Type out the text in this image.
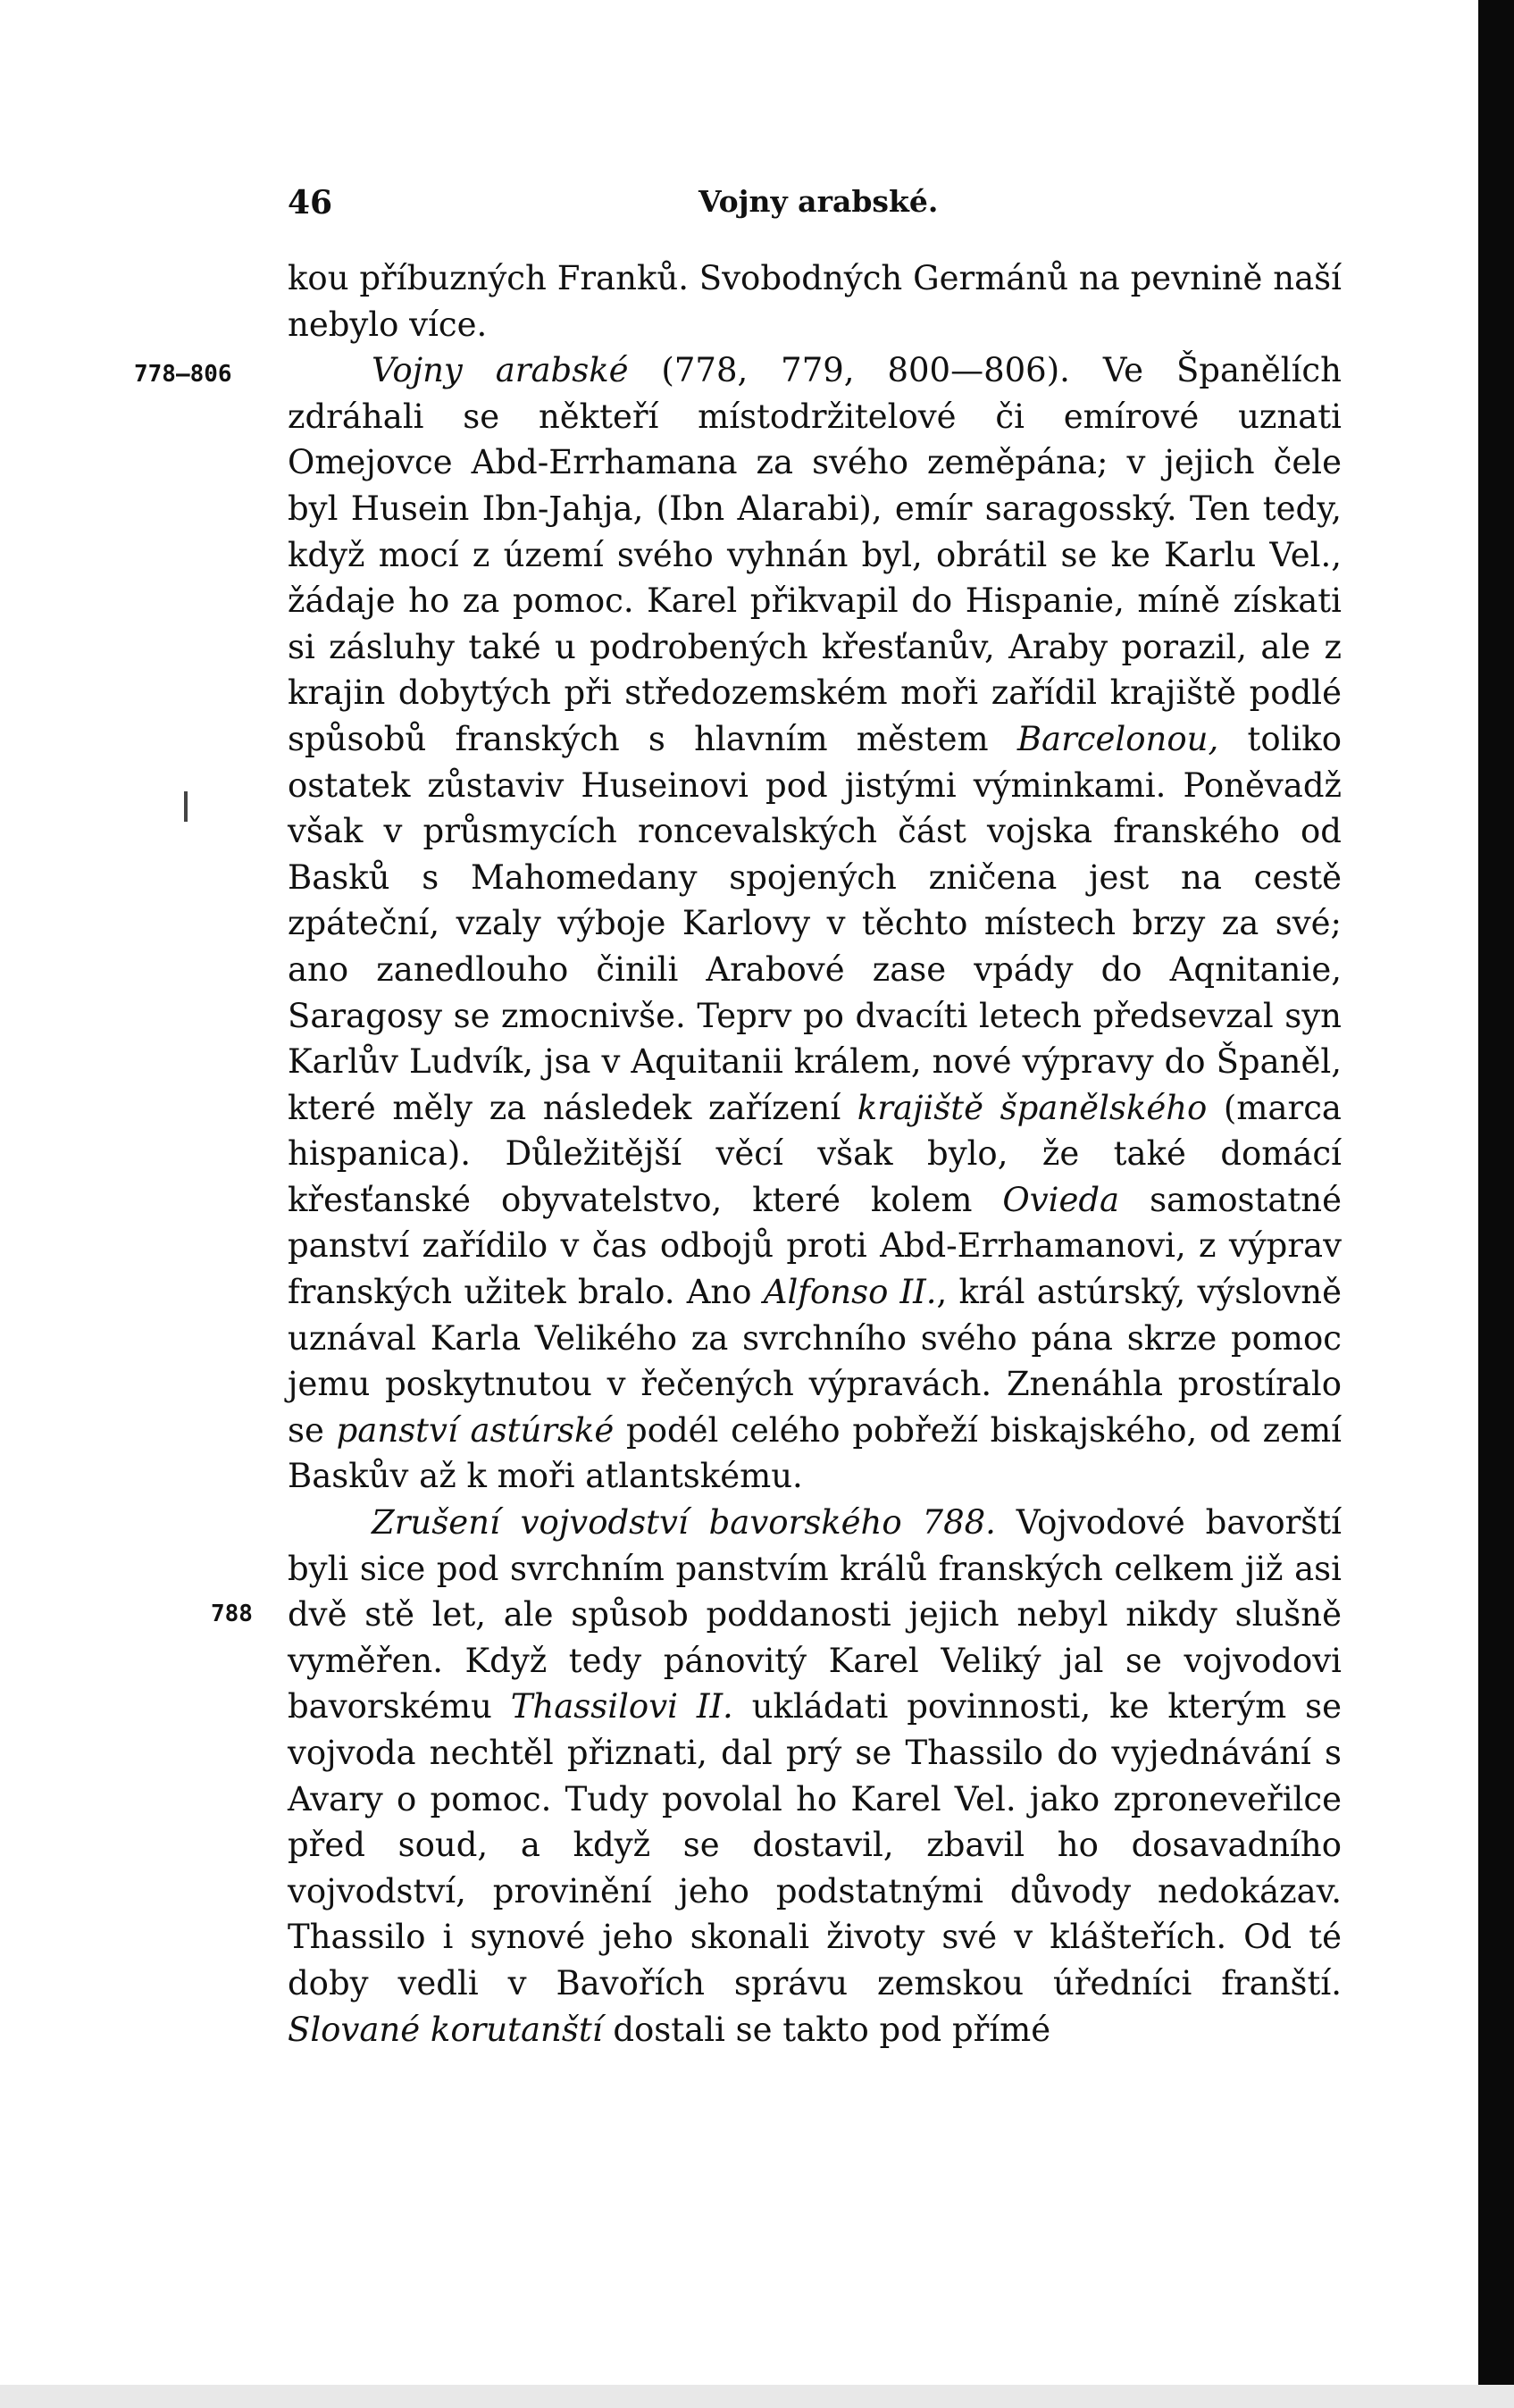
46	Vojny arabské.
778—806
788

kou příbuzných Franků. Svobodných Germánů na pevnině naší nebylo více.

Vojny arabské (778, 779, 800—806). Ve Španělích zdráhali se někteří místodržitelové či emírové uznati Omejovce Abd-Errhamana za svého zeměpána; v jejich čele byl Husein Ibn-Jahja, (Ibn Alarabi), emír saragosský. Ten tedy, když mocí z území svého vyhnán byl, obrátil se ke Karlu Vel., žádaje ho za pomoc. Karel přikvapil do Hispanie, míně získati si zásluhy také u podrobených křesťanův, Araby porazil, ale z krajin dobytých při středozemském moři zařídil krajiště podlé spůsobů franských s hlavním městem Barcelonou, toliko ostatek zůstaviv Huseinovi pod jistými výminkami. Poněvadž však v průsmycích roncevalských část vojska franského od Basků s Mahomedany spojených zničena jest na cestě zpáteční, vzaly výboje Karlovy v těchto místech brzy za své; ano zanedlouho činili Arabové zase vpády do Aqnitanie, Saragosy se zmocnivše. Teprv po dvacíti letech předsevzal syn Karlův Ludvík, jsa v Aquitanii králem, nové výpravy do Španěl, které měly za následek zařízení krajiště španělského (marca hispanica). Důležitější věcí však bylo, že také domácí křesťanské obyvatelstvo, které kolem Ovieda samostatné panství zařídilo v čas odbojů proti Abd-Errhamanovi, z výprav franských užitek bralo. Ano Alfonso II., král astúrský, výslovně uznával Karla Velikého za svrchního svého pána skrze pomoc jemu poskytnutou v řečených výpravách. Znenáhla prostíralo se panství astúrské podél celého pobřeží biskajského, od zemí Baskův až k moři atlantskému.

Zrušení vojvodství bavorského 788. Vojvodové bavorští byli sice pod svrchním panstvím králů franských celkem již asi dvě stě let, ale spůsob poddanosti jejich nebyl nikdy slušně vyměřen. Když tedy pánovitý Karel Veliký jal se vojvodovi bavorskému Thassilovi II. ukládati povinnosti, ke kterým se vojvoda nechtěl přiznati, dal prý se Thassilo do vyjednávání s Avary o pomoc. Tudy povolal ho Karel Vel. jako zproneveřilce před soud, a když se dostavil, zbavil ho dosavadního vojvodství, provinění jeho podstatnými důvody nedokázav. Thassilo i synové jeho skonali životy své v klášteřích. Od té doby vedli v Bavořích správu zemskou úředníci franští. Slované korutanští dostali se takto pod přímé
